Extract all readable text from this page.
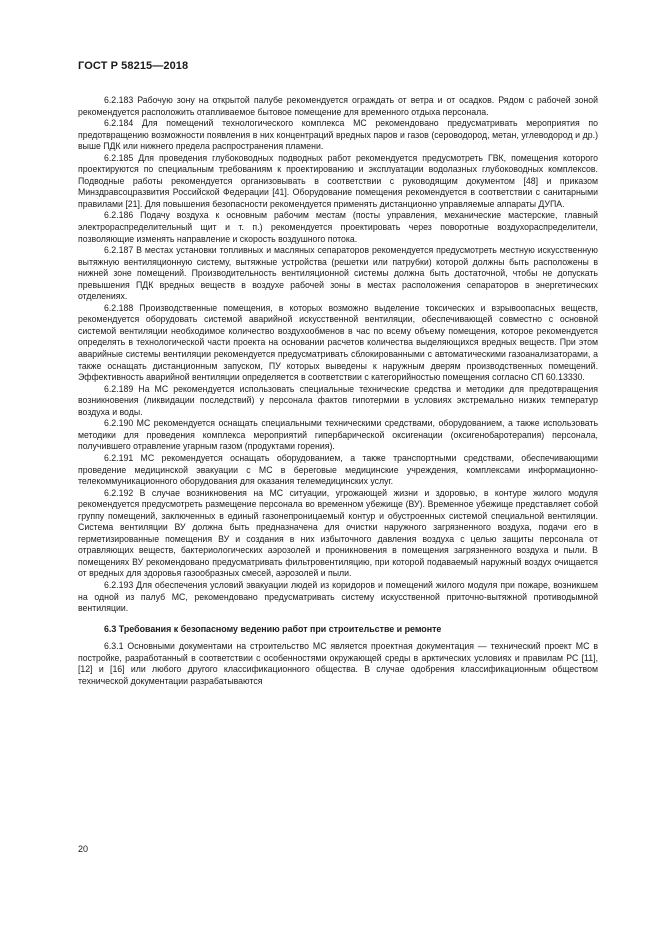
ГОСТ Р 58215—2018

6.2.183 Рабочую зону на открытой палубе рекомендуется ограждать от ветра и от осадков. Рядом с рабочей зоной рекомендуется расположить отапливаемое бытовое помещение для временного отдыха персонала.

6.2.184 Для помещений технологического комплекса МС рекомендовано предусматривать мероприятия по предотвращению возможности появления в них концентраций вредных паров и газов (сероводород, метан, углеводород и др.) выше ПДК или нижнего предела распространения пламени.

6.2.185 Для проведения глубоководных подводных работ рекомендуется предусмотреть ГВК, помещения которого проектируются по специальным требованиям к проектированию и эксплуатации водолазных глубоководных комплексов. Подводные работы рекомендуется организовывать в соответствии с руководящим документом [48] и приказом Минздравсоцразвития Российской Федерации [41]. Оборудование помещения рекомендуется в соответствии с санитарными правилами [21]. Для повышения безопасности рекомендуется применять дистанционно управляемые аппараты ДУПА.

6.2.186 Подачу воздуха к основным рабочим местам (посты управления, механические мастерские, главный электрораспределительный щит и т. п.) рекомендуется проектировать через поворотные воздухораспределители, позволяющие изменять направление и скорость воздушного потока.

6.2.187 В местах установки топливных и масляных сепараторов рекомендуется предусмотреть местную искусственную вытяжную вентиляционную систему, вытяжные устройства (решетки или патрубки) которой должны быть расположены в нижней зоне помещений. Производительность вентиляционной системы должна быть достаточной, чтобы не допускать превышения ПДК вредных веществ в воздухе рабочей зоны в местах расположения сепараторов в энергетических отделениях.

6.2.188 Производственные помещения, в которых возможно выделение токсических и взрывоопасных веществ, рекомендуется оборудовать системой аварийной искусственной вентиляции, обеспечивающей совместно с основной системой вентиляции необходимое количество воздухообменов в час по всему объему помещения, которое рекомендуется определять в технологической части проекта на основании расчетов количества выделяющихся вредных веществ. При этом аварийные системы вентиляции рекомендуется предусматривать сблокированными с автоматическими газоанализаторами, а также оснащать дистанционным запуском, ПУ которых выведены к наружным дверям производственных помещений. Эффективность аварийной вентиляции определяется в соответствии с категорийностью помещения согласно СП 60.13330.

6.2.189 На МС рекомендуется использовать специальные технические средства и методики для предотвращения возникновения (ликвидации последствий) у персонала фактов гипотермии в условиях экстремально низких температур воздуха и воды.

6.2.190 МС рекомендуется оснащать специальными техническими средствами, оборудованием, а также использовать методики для проведения комплекса мероприятий гипербарической оксигенации (оксигенобаротерапия) персонала, получившего отравление угарным газом (продуктами горения).

6.2.191 МС рекомендуется оснащать оборудованием, а также транспортными средствами, обеспечивающими проведение медицинской эвакуации с МС в береговые медицинские учреждения, комплексами информационно-телекоммуникационного оборудования для оказания телемедицинских услуг.

6.2.192 В случае возникновения на МС ситуации, угрожающей жизни и здоровью, в контуре жилого модуля рекомендуется предусмотреть размещение персонала во временном убежище (ВУ). Временное убежище представляет собой группу помещений, заключенных в единый газонепроницаемый контур и обустроенных системой специальной вентиляции. Система вентиляции ВУ должна быть предназначена для очистки наружного загрязненного воздуха, подачи его в герметизированные помещения ВУ и создания в них избыточного давления воздуха с целью защиты персонала от отравляющих веществ, бактериологических аэрозолей и проникновения в помещения загрязненного воздуха и пыли. В помещениях ВУ рекомендовано предусматривать фильтровентиляцию, при которой подаваемый наружный воздух очищается от вредных для здоровья газообразных смесей, аэрозолей и пыли.

6.2.193 Для обеспечения условий эвакуации людей из коридоров и помещений жилого модуля при пожаре, возникшем на одной из палуб МС, рекомендовано предусматривать систему искусственной приточно-вытяжной противодымной вентиляции.

6.3 Требования к безопасному ведению работ при строительстве и ремонте

6.3.1 Основными документами на строительство МС является проектная документация — технический проект МС в постройке, разработанный в соответствии с особенностями окружающей среды в арктических условиях и правилам РС [11], [12] и [16] или любого другого классификационного общества. В случае одобрения классификационным обществом технической документации разрабатываются

20
